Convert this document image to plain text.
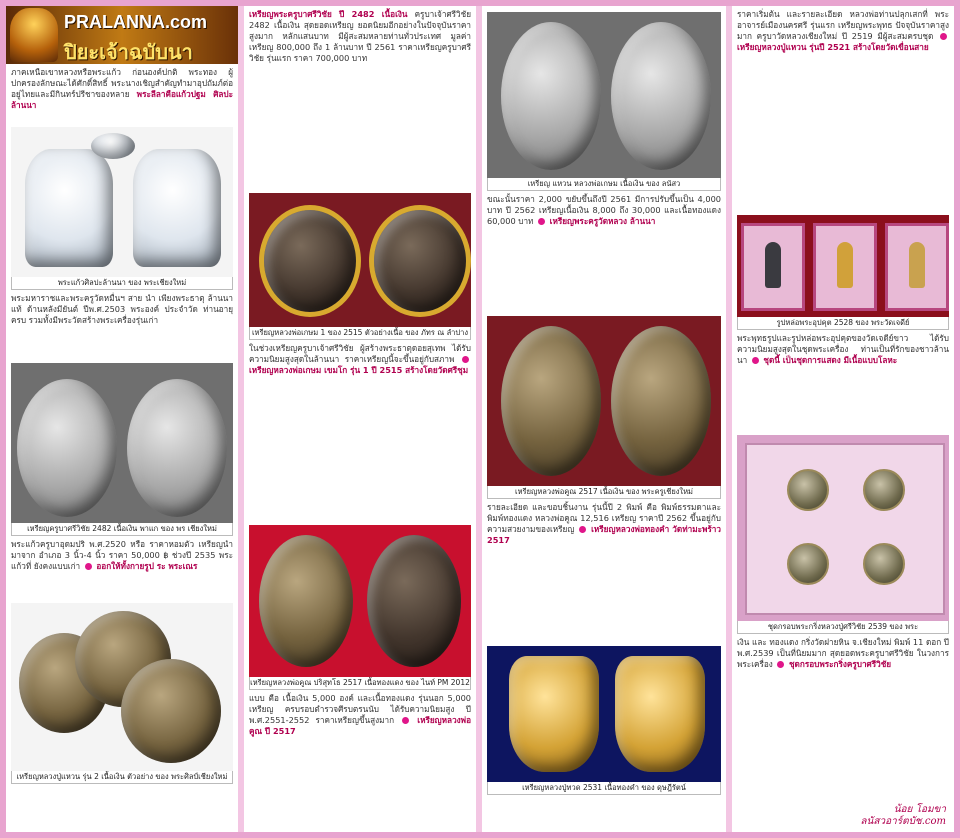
PRALANNA.com
ปิยะเจ้าฉบับนา
ภาคเหนือเขาหลวงหรือพระแก้ว ก่อนองค์ปกติ พระทอง ผู้ปกครองลักษณะได้ศักดิ์สิทธิ์ พระนางเชิญสำคัญทำมาอุปถัมภ์ต่ออยู่ไทยและมีกินทร์ปรีชาของหลาย พระลีลาคือแก้วปฐม ศิลปะล้านนา
พระแก้วศิลปะล้านนา ของ พระเชียงใหม่
พระมหาราชและพระครูวัดหมื่นฯ สาย นำ เพียงพระธาตุ ล้านนาแท้ ด้านหลังมียันต์ ปีพ.ศ.2503 พระองค์ ประจำวัด ท่านอายุครบ รวมทั้งมีพระวัดสร้างพระเครื่องรุ่นเก่า
เหรียญครูบาศรีวิชัย 2482 เนื้อเงิน พาแก ของ พร เชียงใหม่
พระแก้วครูบาอุดมปริ พ.ศ.2520 หรือ ราคาหอมตัว เหรียญนำมาจาก อำเภอ 3 นิ้ว-4 นิ้ว ราคา 50,000 ฿ ช่วงปี 2535 พระแก้วที่ ยังคงแบบเก่า ออกให้ทั้งกายรูป ระ พระเณร
เหรียญหลวงปู่แหวน รุ่น 2 เนื้อเงิน ตัวอย่าง ของ พระศิลป์เชียงใหม่
เหรียญพระครูบาศรีวิชัย ปี 2482 เนื้อเงิน ครูบาเจ้าศรีวิชัย 2482 เนื้อเงิน สุดยอดเหรียญ ยอดนิยมอีกอย่างในปัจจุบันราคาสูงมาก หลักแสนบาท มีผู้สะสมหลายท่านทั่วประเทศ มูลค่าเหรียญ 800,000 ถึง 1 ล้านบาท ปี 2561 ราคาเหรียญครูบาศรีวิชัย รุ่นแรก ราคา 700,000 บาท
เหรียญหลวงพ่อเกษม 1 ของ 2515 ตัวอย่างเนื้อ ของ ภัทร ณ ลำปาง
ในช่วงเหรียญครูบาเจ้าศรีวิชัย ผู้สร้างพระธาตุดอยสุเทพ ได้รับความนิยมสูงสุดในล้านนา ราคาเหรียญนี้จะขึ้นอยู่กับสภาพ  เหรียญหลวงพ่อเกษม เขมโก รุ่น 1 ปี 2515 สร้างโดยวัดศรีชุม
เหรียญหลวงพ่อคูณ ปริสุทโธ 2517 เนื้อทองแดง ของ ไนท์ PM 2012
แบบ คือ เนื้อเงิน 5,000 องค์ และเนื้อทองแดง รุ่นนอก 5,000 เหรียญ ครบรอบตำรวจศีรบตรนนับ ได้รับความนิยมสูง ปี พ.ศ.2551-2552 ราคาเหรียญขึ้นสูงมาก	เหรียญหลวงพ่อคูณ ปี 2517
เหรียญ แหวน หลวงพ่อเกษม เนื้อเงิน ของ ลนัสว
ขณะนั้นราคา 2,000 ขยับขึ้นถึงปี 2561 มีการปรับขึ้นเป็น 4,000 บาท ปี 2562 เหรียญเนื้อเงิน 8,000 ถึง 30,000 และเนื้อทองแดง 60,000 บาท เหรียญพระครูวัดหลวง ล้านนา
เหรียญหลวงพ่อคูณ 2517 เนื้อเงิน ของ พระครูเชียงใหม่
รายละเอียด และขอบชิ้นงาน รุ่นนี้ปี 2 พิมพ์ คือ พิมพ์ธรรมดาและพิมพ์ทองแดง หลวงพ่อคูณ 12,516 เหรียญ ราคาปี 2562 ขึ้นอยู่กับความสวยงามของเหรียญ เหรียญหลวงพ่อทองคำ วัดท่ามะพร้าว 2517
เหรียญหลวงปู่ทวด 2531 เนื้อทองคำ ของ ดุษฎีรัตน์
ราคาเริ่มต้น และรายละเอียด หลวงพ่อท่านปลุกเสกที่ พระอาจารย์เมืองนครศรี รุ่นแรก เหรียญพระพุทธ ปัจจุบันราคาสูงมาก ครูบาวัดหลวงเชียงใหม่ ปี 2519 มีผู้สะสมครบชุด  เหรียญหลวงปู่แหวน รุ่นปี 2521 สร้างโดยวัดเขื่อนสาย
รูปหล่อพระอุปคุต 2528 ของ พระวัดเจดีย์
พระพุทธรูปและรูปหล่อพระอุปคุตของวัดเจดีย์ขาว ได้รับความนิยมสูงสุดในชุดพระเครื่อง ท่านเป็นที่รักของชาวล้านนา ชุดนี้ เป็นชุดการแสดง มีเนื้อแบบโลหะ
ชุดกรอบพระกริ่งหลวงปู่ศรีวิชัย 2539 ของ พระ
เงิน และ ทองแดง กริ่งวัดฝายหิน จ.เชียงใหม่ พิมพ์ 11 ดอก ปี พ.ศ.2539 เป็นที่นิยมมาก สุดยอดพระครูบาศรีวิชัย ในวงการพระเครื่อง ชุดกรอบพระกริ่งครูบาศรีวิชัย
น้อย โอมขา
ลนัสวอาร์ตบัช.com
